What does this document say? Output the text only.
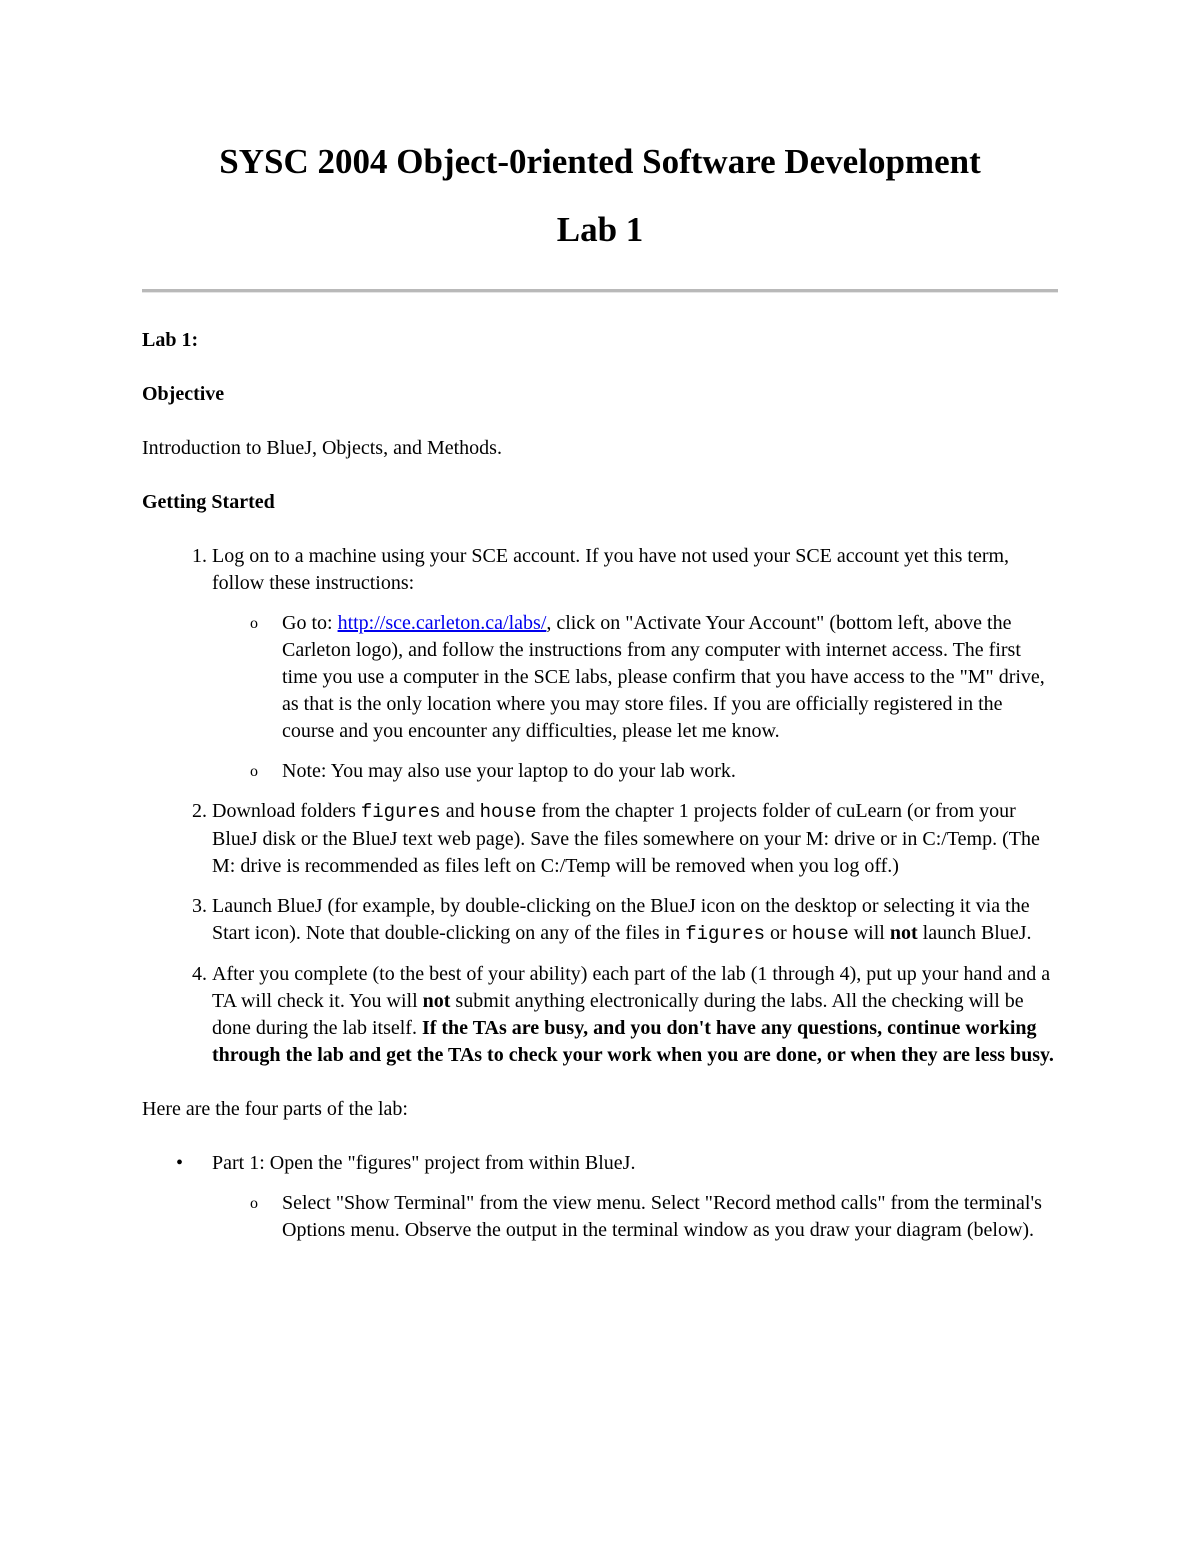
SYSC 2004 Object-0riented Software Development
Lab 1

Lab 1:

Objective

Introduction to BlueJ, Objects, and Methods.

Getting Started

1. Log on to a machine using your SCE account. If you have not used your SCE account yet this term, follow these instructions:
o Go to: http://sce.carleton.ca/labs/, click on "Activate Your Account" (bottom left, above the Carleton logo), and follow the instructions from any computer with internet access. The first time you use a computer in the SCE labs, please confirm that you have access to the "M" drive, as that is the only location where you may store files. If you are officially registered in the course and you encounter any difficulties, please let me know.
o Note: You may also use your laptop to do your lab work.
2. Download folders figures and house from the chapter 1 projects folder of cuLearn (or from your BlueJ disk or the BlueJ text web page). Save the files somewhere on your M: drive or in C:/Temp. (The M: drive is recommended as files left on C:/Temp will be removed when you log off.)
3. Launch BlueJ (for example, by double-clicking on the BlueJ icon on the desktop or selecting it via the Start icon). Note that double-clicking on any of the files in figures or house will not launch BlueJ.
4. After you complete (to the best of your ability) each part of the lab (1 through 4), put up your hand and a TA will check it. You will not submit anything electronically during the labs. All the checking will be done during the lab itself. If the TAs are busy, and you don't have any questions, continue working through the lab and get the TAs to check your work when you are done, or when they are less busy.

Here are the four parts of the lab:

• Part 1: Open the "figures" project from within BlueJ.
o Select "Show Terminal" from the view menu. Select "Record method calls" from the terminal's Options menu. Observe the output in the terminal window as you draw your diagram (below).
